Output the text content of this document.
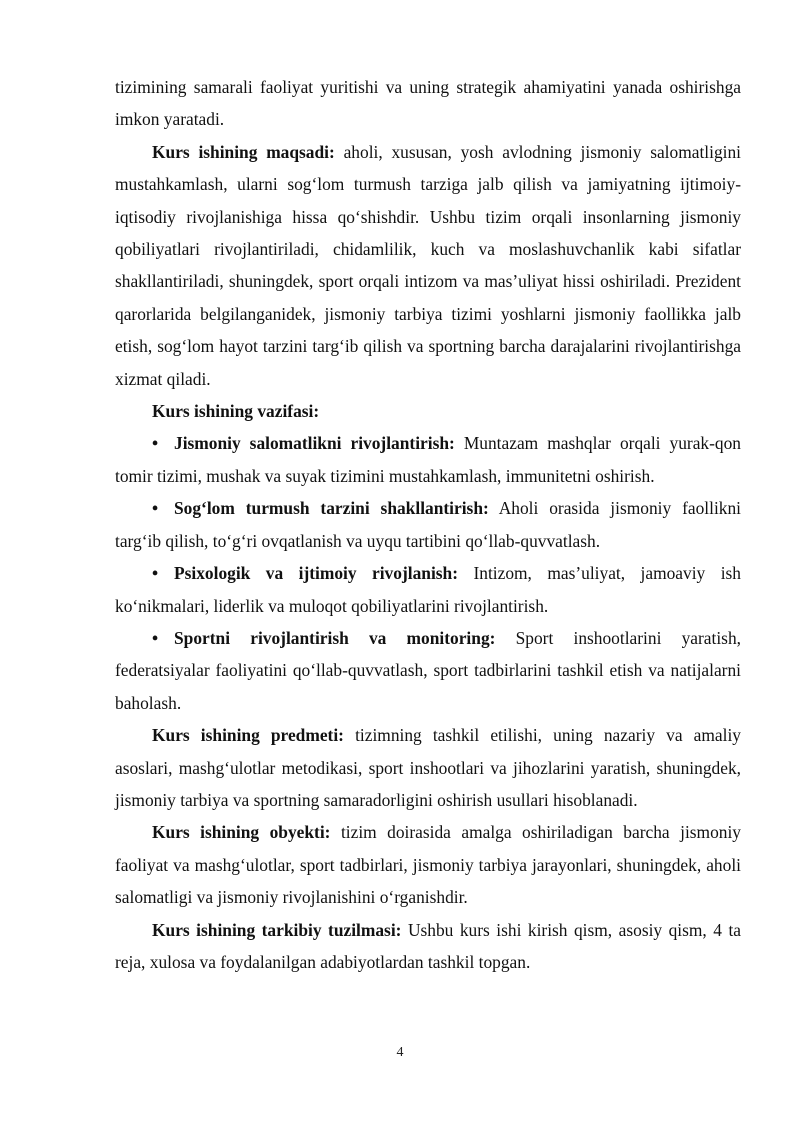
tizimining samarali faoliyat yuritishi va uning strategik ahamiyatini yanada oshirishga imkon yaratadi.

Kurs ishining maqsadi: aholi, xususan, yosh avlodning jismoniy salomatligini mustahkamlash, ularni sog‘lom turmush tarziga jalb qilish va jamiyatning ijtimoiy-iqtisodiy rivojlanishiga hissa qo‘shishdir. Ushbu tizim orqali insonlarning jismoniy qobiliyatlari rivojlantiriladi, chidamlilik, kuch va moslashuvchanlik kabi sifatlar shakllantiriladi, shuningdek, sport orqali intizom va mas’uliyat hissi oshiriladi. Prezident qarorlarida belgilanganidek, jismoniy tarbiya tizimi yoshlarni jismoniy faollikka jalb etish, sog‘lom hayot tarzini targ‘ib qilish va sportning barcha darajalarini rivojlantirishga xizmat qiladi.

Kurs ishining vazifasi:

• Jismoniy salomatlikni rivojlantirish: Muntazam mashqlar orqali yurak-qon tomir tizimi, mushak va suyak tizimini mustahkamlash, immunitetni oshirish.

• Sog‘lom turmush tarzini shakllantirish: Aholi orasida jismoniy faollikni targ‘ib qilish, to‘g‘ri ovqatlanish va uyqu tartibini qo‘llab-quvvatlash.

• Psixologik va ijtimoiy rivojlanish: Intizom, mas’uliyat, jamoaviy ish ko‘nikmalari, liderlik va muloqot qobiliyatlarini rivojlantirish.

• Sportni rivojlantirish va monitoring: Sport inshootlarini yaratish, federatsiyalar faoliyatini qo‘llab-quvvatlash, sport tadbirlarini tashkil etish va natijalarni baholash.

Kurs ishining predmeti: tizimning tashkil etilishi, uning nazariy va amaliy asoslari, mashg‘ulotlar metodikasi, sport inshootlari va jihozlarini yaratish, shuningdek, jismoniy tarbiya va sportning samaradorligini oshirish usullari hisoblanadi.

Kurs ishining obyekti: tizim doirasida amalga oshiriladigan barcha jismoniy faoliyat va mashg‘ulotlar, sport tadbirlari, jismoniy tarbiya jarayonlari, shuningdek, aholi salomatligi va jismoniy rivojlanishini o‘rganishdir.

Kurs ishining tarkibiy tuzilmasi: Ushbu kurs ishi kirish qism, asosiy qism, 4 ta reja, xulosa va foydalanilgan adabiyotlardan tashkil topgan.

4
